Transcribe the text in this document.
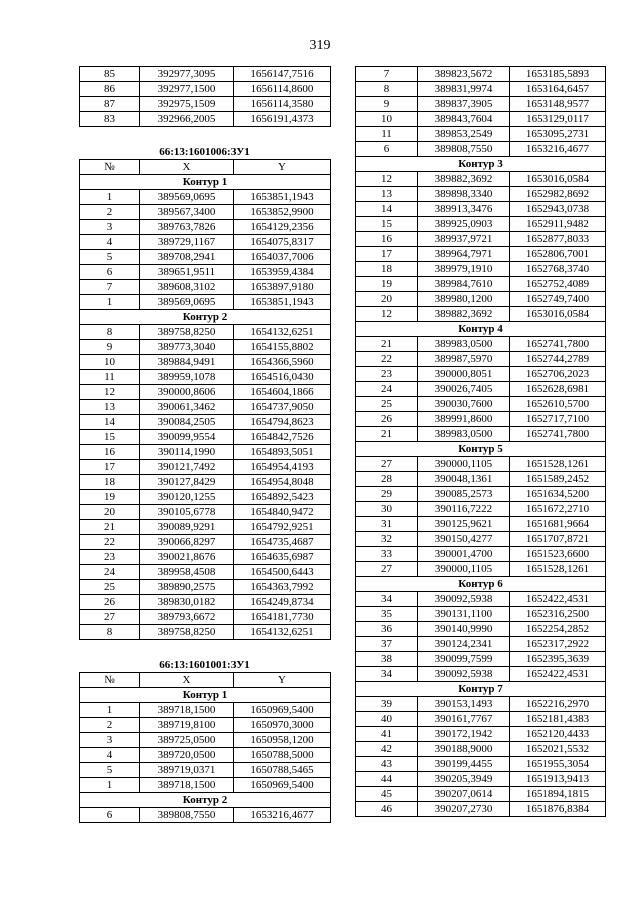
319
85	392977,3095	1656147,7516
86	392977,1500	1656114,8600
87	392975,1509	1656114,3580
83	392966,2005	1656191,4373
66:13:1601006:ЗУ1
№	X	Y
Контур 1		
1	389569,0695	1653851,1943
2	389567,3400	1653852,9900
3	389763,7826	1654129,2356
4	389729,1167	1654075,8317
5	389708,2941	1654037,7006
6	389651,9511	1653959,4384
7	389608,3102	1653897,9180
1	389569,0695	1653851,1943
Контур 2		
8	389758,8250	1654132,6251
9	389773,3040	1654155,8802
10	389884,9491	1654366,5960
11	389959,1078	1654516,0430
12	390000,8606	1654604,1866
13	390061,3462	1654737,9050
14	390084,2505	1654794,8623
15	390099,9554	1654842,7526
16	390114,1990	1654893,5051
17	390121,7492	1654954,4193
18	390127,8429	1654954,8048
19	390120,1255	1654892,5423
20	390105,6778	1654840,9472
21	390089,9291	1654792,9251
22	390066,8297	1654735,4687
23	390021,8676	1654635,6987
24	389958,4508	1654500,6443
25	389890,2575	1654363,7992
26	389830,0182	1654249,8734
27	389793,6672	1654181,7730
8	389758,8250	1654132,6251
66:13:1601001:ЗУ1
№	X	Y
Контур 1		
1	389718,1500	1650969,5400
2	389719,8100	1650970,3000
3	389725,0500	1650958,1200
4	389720,0500	1650788,5000
5	389719,0371	1650788,5465
1	389718,1500	1650969,5400
Контур 2		
6	389808,7550	1653216,4677
7	389823,5672	1653185,5893
8	389831,9974	1653164,6457
9	389837,3905	1653148,9577
10	389843,7604	1653129,0117
11	389853,2549	1653095,2731
6	389808,7550	1653216,4677
Контур 3		
12	389882,3692	1653016,0584
13	389898,3340	1652982,8692
14	389913,3476	1652943,0738
15	389925,0903	1652911,9482
16	389937,9721	1652877,8033
17	389964,7971	1652806,7001
18	389979,1910	1652768,3740
19	389984,7610	1652752,4089
20	389980,1200	1652749,7400
12	389882,3692	1653016,0584
Контур 4		
21	389983,0500	1652741,7800
22	389987,5970	1652744,2789
23	390000,8051	1652706,2023
24	390026,7405	1652628,6981
25	390030,7600	1652610,5700
26	389991,8600	1652717,7100
21	389983,0500	1652741,7800
Контур 5		
27	390000,1105	1651528,1261
28	390048,1361	1651589,2452
29	390085,2573	1651634,5200
30	390116,7222	1651672,2710
31	390125,9621	1651681,9664
32	390150,4277	1651707,8721
33	390001,4700	1651523,6600
27	390000,1105	1651528,1261
Контур 6		
34	390092,5938	1652422,4531
35	390131,1100	1652316,2500
36	390140,9990	1652254,2852
37	390124,2341	1652317,2922
38	390099,7599	1652395,3639
34	390092,5938	1652422,4531
Контур 7		
39	390153,1493	1652216,2970
40	390161,7767	1652181,4383
41	390172,1942	1652120,4433
42	390188,9000	1652021,5532
43	390199,4455	1651955,3054
44	390205,3949	1651913,9413
45	390207,0614	1651894,1815
46	390207,2730	1651876,8384
